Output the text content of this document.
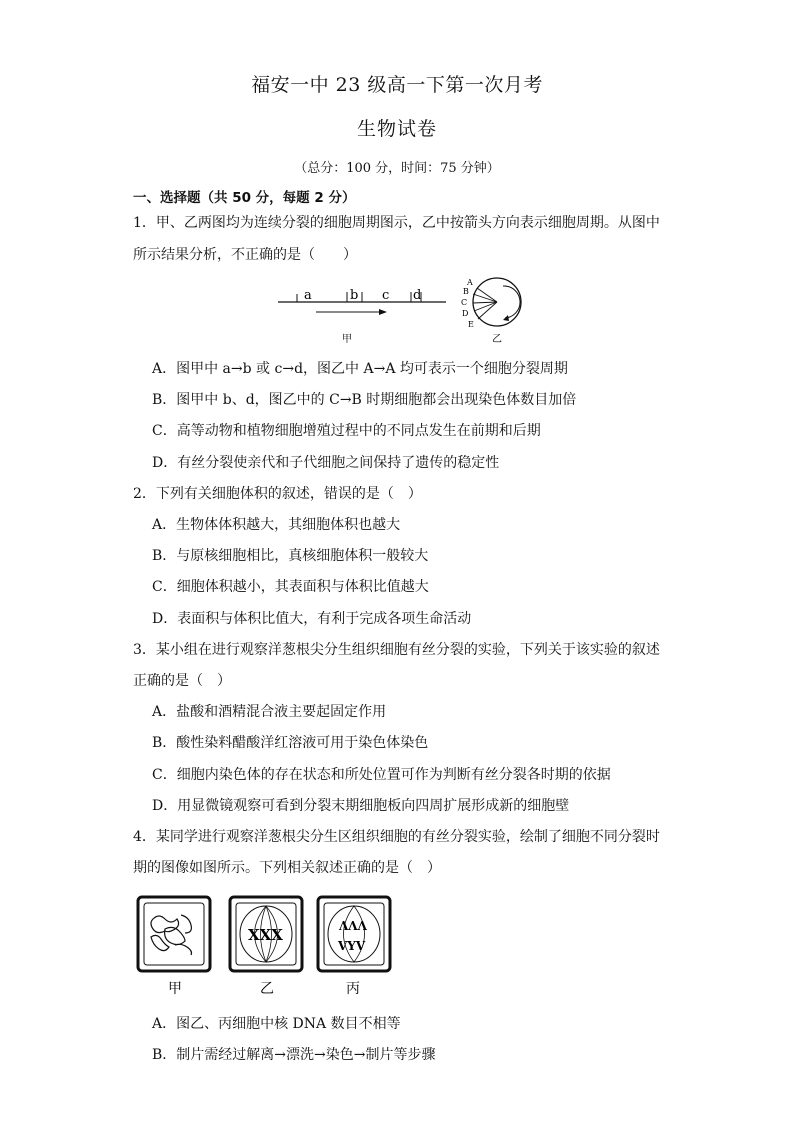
福安一中 23 级高一下第一次月考
生物试卷
（总分：100 分，时间：75 分钟）
一、选择题（共 50 分，每题 2 分）
1．甲、乙两图均为连续分裂的细胞周期图示，乙中按箭头方向表示细胞周期。从图中
所示结果分析，不正确的是（　　）
a	b c d
甲
A
B
C
D
E
乙
A．图甲中 a→b 或 c→d，图乙中 A→A 均可表示一个细胞分裂周期
B．图甲中 b、d，图乙中的 C→B 时期细胞都会出现染色体数目加倍
C．高等动物和植物细胞增殖过程中的不同点发生在前期和后期
D．有丝分裂使亲代和子代细胞之间保持了遗传的稳定性
2．下列有关细胞体积的叙述，错误的是（　）
A．生物体体积越大，其细胞体积也越大
B．与原核细胞相比，真核细胞体积一般较大
C．细胞体积越小，其表面积与体积比值越大
D．表面积与体积比值大，有利于完成各项生命活动
3．某小组在进行观察洋葱根尖分生组织细胞有丝分裂的实验，下列关于该实验的叙述
正确的是（　）
A．盐酸和酒精混合液主要起固定作用
B．酸性染料醋酸洋红溶液可用于染色体染色
C．细胞内染色体的存在状态和所处位置可作为判断有丝分裂各时期的依据
D．用显微镜观察可看到分裂末期细胞板向四周扩展形成新的细胞壁
4．某同学进行观察洋葱根尖分生区组织细胞的有丝分裂实验，绘制了细胞不同分裂时
期的图像如图所示。下列相关叙述正确的是（　）
甲
XXX
乙
ΛΛΛ
VYV
丙
A．图乙、丙细胞中核 DNA 数目不相等
B．制片需经过解离→漂洗→染色→制片等步骤
